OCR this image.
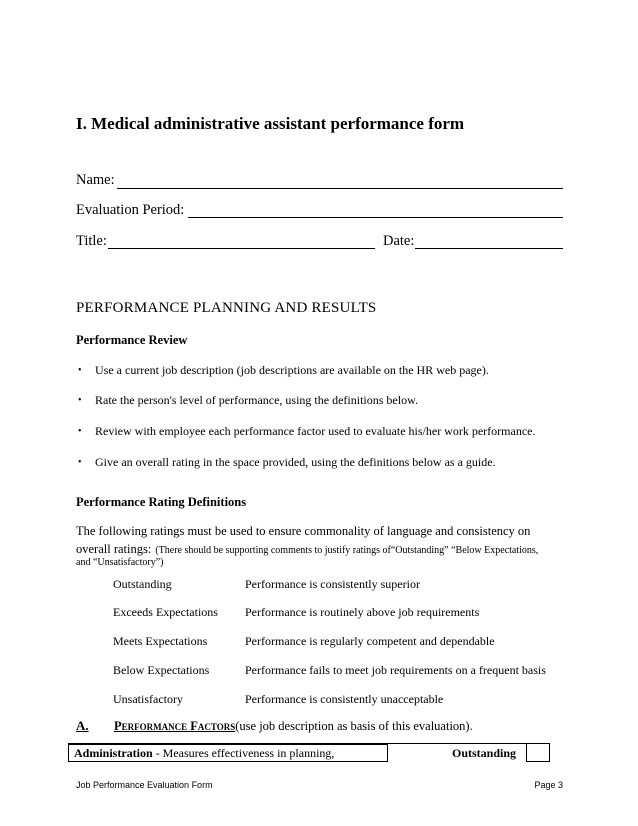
I. Medical administrative assistant performance form
Name:
Evaluation Period:
Title:	Date:
PERFORMANCE PLANNING AND RESULTS
Performance Review
• Use a current job description (job descriptions are available on the HR web page).
• Rate the person's level of performance, using the definitions below.
• Review with employee each performance factor used to evaluate his/her work performance.
• Give an overall rating in the space provided, using the definitions below as a guide.
Performance Rating Definitions
The following ratings must be used to ensure commonality of language and consistency on
overall ratings: (There should be supporting comments to justify ratings of“Outstanding” “Below Expectations,
and “Unsatisfactory”)
Outstanding	Performance is consistently superior
Exceeds Expectations Performance is routinely above job requirements
Meets Expectations	Performance is regularly competent and dependable
Below Expectations	Performance fails to meet job requirements on a frequent basis
Unsatisfactory	Performance is consistently unacceptable
A. Performance Factors(use job description as basis of this evaluation).
Administration - Measures effectiveness in planning,	Outstanding
Job Performance Evaluation Form	Page 3
